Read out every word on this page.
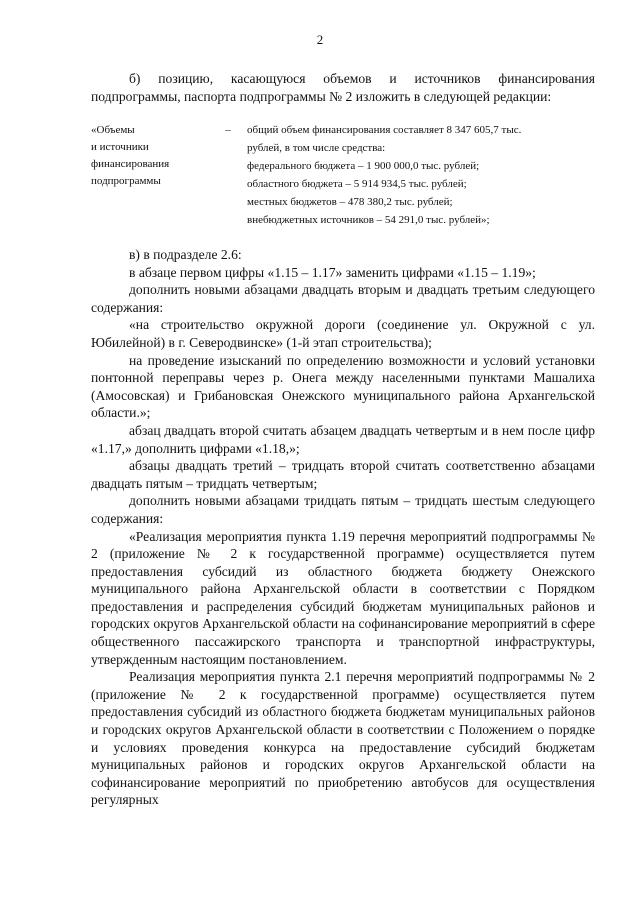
2

б) позицию, касающуюся объемов и источников финансирования

подпрограммы, паспорта подпрограммы № 2 изложить в следующей редакции:

«Объемы
и источники
финансирования
подпрограммы
–	общий объем финансирования составляет 8 347 605,7 тыс.
рублей, в том числе средства:
федерального бюджета – 1 900 000,0 тыс. рублей;
областного бюджета – 5 914 934,5 тыс. рублей;
местных бюджетов – 478 380,2 тыс. рублей;
внебюджетных источников – 54 291,0 тыс. рублей»;

в) в подразделе 2.6:

в абзаце первом цифры «1.15 – 1.17» заменить цифрами «1.15 – 1.19»;

дополнить новыми абзацами двадцать вторым и двадцать третьим следующего содержания:

«на строительство окружной дороги (соединение ул. Окружной с ул. Юбилейной) в г. Северодвинске» (1-й этап строительства);

на проведение изысканий по определению возможности и условий установки понтонной переправы через р. Онега между населенными пунктами Машалиха (Амосовская) и Грибановская Онежского муниципального района Архангельской области.»;

абзац двадцать второй считать абзацем двадцать четвертым и в нем после цифр «1.17,» дополнить цифрами «1.18,»;

абзацы двадцать третий – тридцать второй считать соответственно абзацами двадцать пятым – тридцать четвертым;

дополнить новыми абзацами тридцать пятым – тридцать шестым следующего содержания:

«Реализация мероприятия пункта 1.19 перечня мероприятий подпрограммы № 2 (приложение № 2 к государственной программе) осуществляется путем предоставления субсидий из областного бюджета бюджету Онежского муниципального района Архангельской области в соответствии с Порядком предоставления и распределения субсидий бюджетам муниципальных районов и городских округов Архангельской области на софинансирование мероприятий в сфере общественного пассажирского транспорта и транспортной инфраструктуры, утвержденным настоящим постановлением.

Реализация мероприятия пункта 2.1 перечня мероприятий подпрограммы № 2 (приложение № 2 к государственной программе) осуществляется путем предоставления субсидий из областного бюджета бюджетам муниципальных районов и городских округов Архангельской области в соответствии с Положением о порядке и условиях проведения конкурса на предоставление субсидий бюджетам муниципальных районов и городских округов Архангельской области на софинансирование мероприятий по приобретению автобусов для осуществления регулярных
